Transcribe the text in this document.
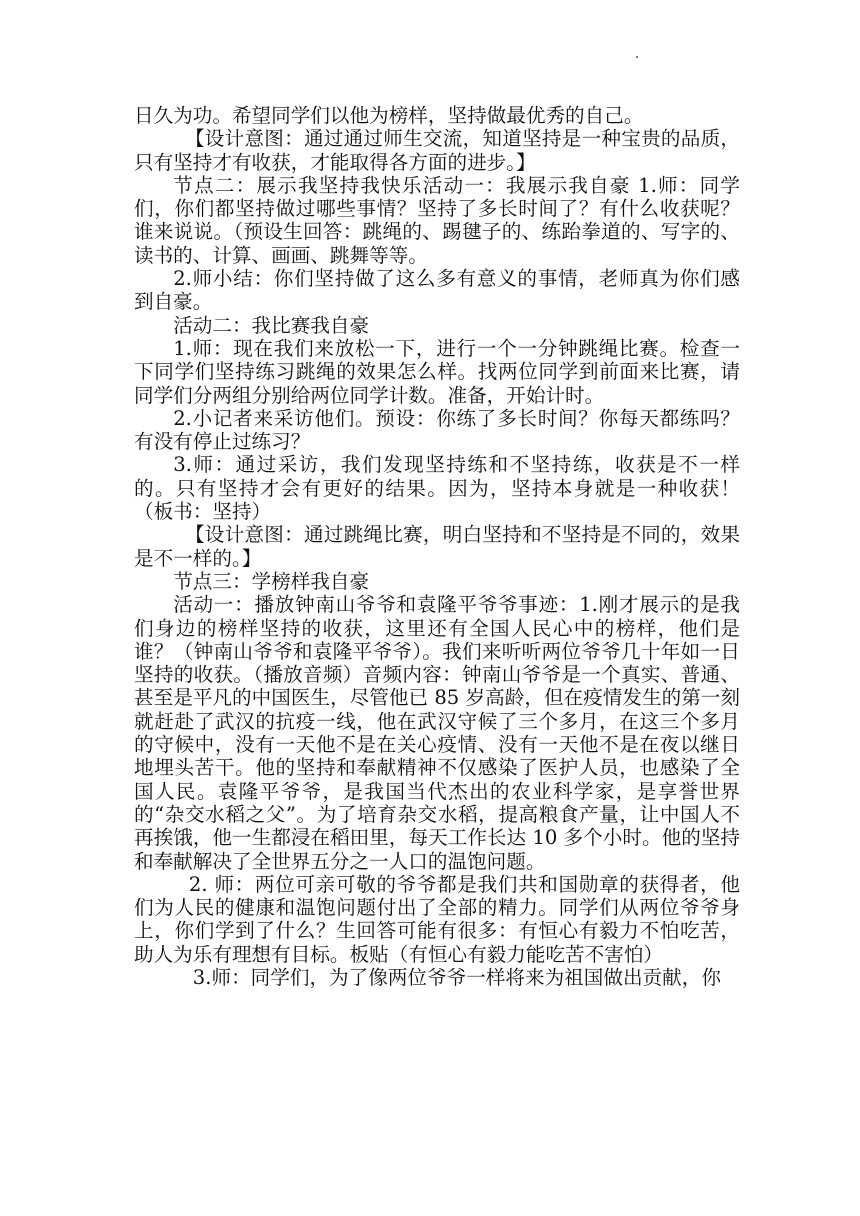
日久为功。希望同学们以他为榜样，坚持做最优秀的自己。

【设计意图：通过通过师生交流，知道坚持是一种宝贵的品质，只有坚持才有收获，才能取得各方面的进步。】

节点二：展示我坚持我快乐活动一：我展示我自豪 1.师：同学们，你们都坚持做过哪些事情？坚持了多长时间了？有什么收获呢？谁来说说。（预设生回答：跳绳的、踢毽子的、练跆拳道的、写字的、读书的、计算、画画、跳舞等等。

2.师小结：你们坚持做了这么多有意义的事情，老师真为你们感到自豪。

活动二：我比赛我自豪

1.师：现在我们来放松一下，进行一个一分钟跳绳比赛。检查一下同学们坚持练习跳绳的效果怎么样。找两位同学到前面来比赛，请同学们分两组分别给两位同学计数。准备，开始计时。

2.小记者来采访他们。预设：你练了多长时间？你每天都练吗？有没有停止过练习？

3.师：通过采访，我们发现坚持练和不坚持练，收获是不一样的。只有坚持才会有更好的结果。因为，坚持本身就是一种收获！（板书：坚持）

【设计意图：通过跳绳比赛，明白坚持和不坚持是不同的，效果是不一样的。】

节点三：学榜样我自豪

活动一：播放钟南山爷爷和袁隆平爷爷事迹：1.刚才展示的是我们身边的榜样坚持的收获，这里还有全国人民心中的榜样，他们是谁？（钟南山爷爷和袁隆平爷爷）。我们来听听两位爷爷几十年如一日坚持的收获。（播放音频）音频内容：钟南山爷爷是一个真实、普通、甚至是平凡的中国医生，尽管他已 85 岁高龄，但在疫情发生的第一刻就赶赴了武汉的抗疫一线，他在武汉守候了三个多月，在这三个多月的守候中，没有一天他不是在关心疫情、没有一天他不是在夜以继日地埋头苦干。他的坚持和奉献精神不仅感染了医护人员，也感染了全国人民。袁隆平爷爷，是我国当代杰出的农业科学家，是享誉世界的“杂交水稻之父”。为了培育杂交水稻，提高粮食产量，让中国人不再挨饿，他一生都浸在稻田里，每天工作长达 10 多个小时。他的坚持和奉献解决了全世界五分之一人口的温饱问题。

2. 师：两位可亲可敬的爷爷都是我们共和国勋章的获得者，他们为人民的健康和温饱问题付出了全部的精力。同学们从两位爷爷身上，你们学到了什么？生回答可能有很多：有恒心有毅力不怕吃苦，助人为乐有理想有目标。板贴（有恒心有毅力能吃苦不害怕）

3.师：同学们，为了像两位爷爷一样将来为祖国做出贡献，你
